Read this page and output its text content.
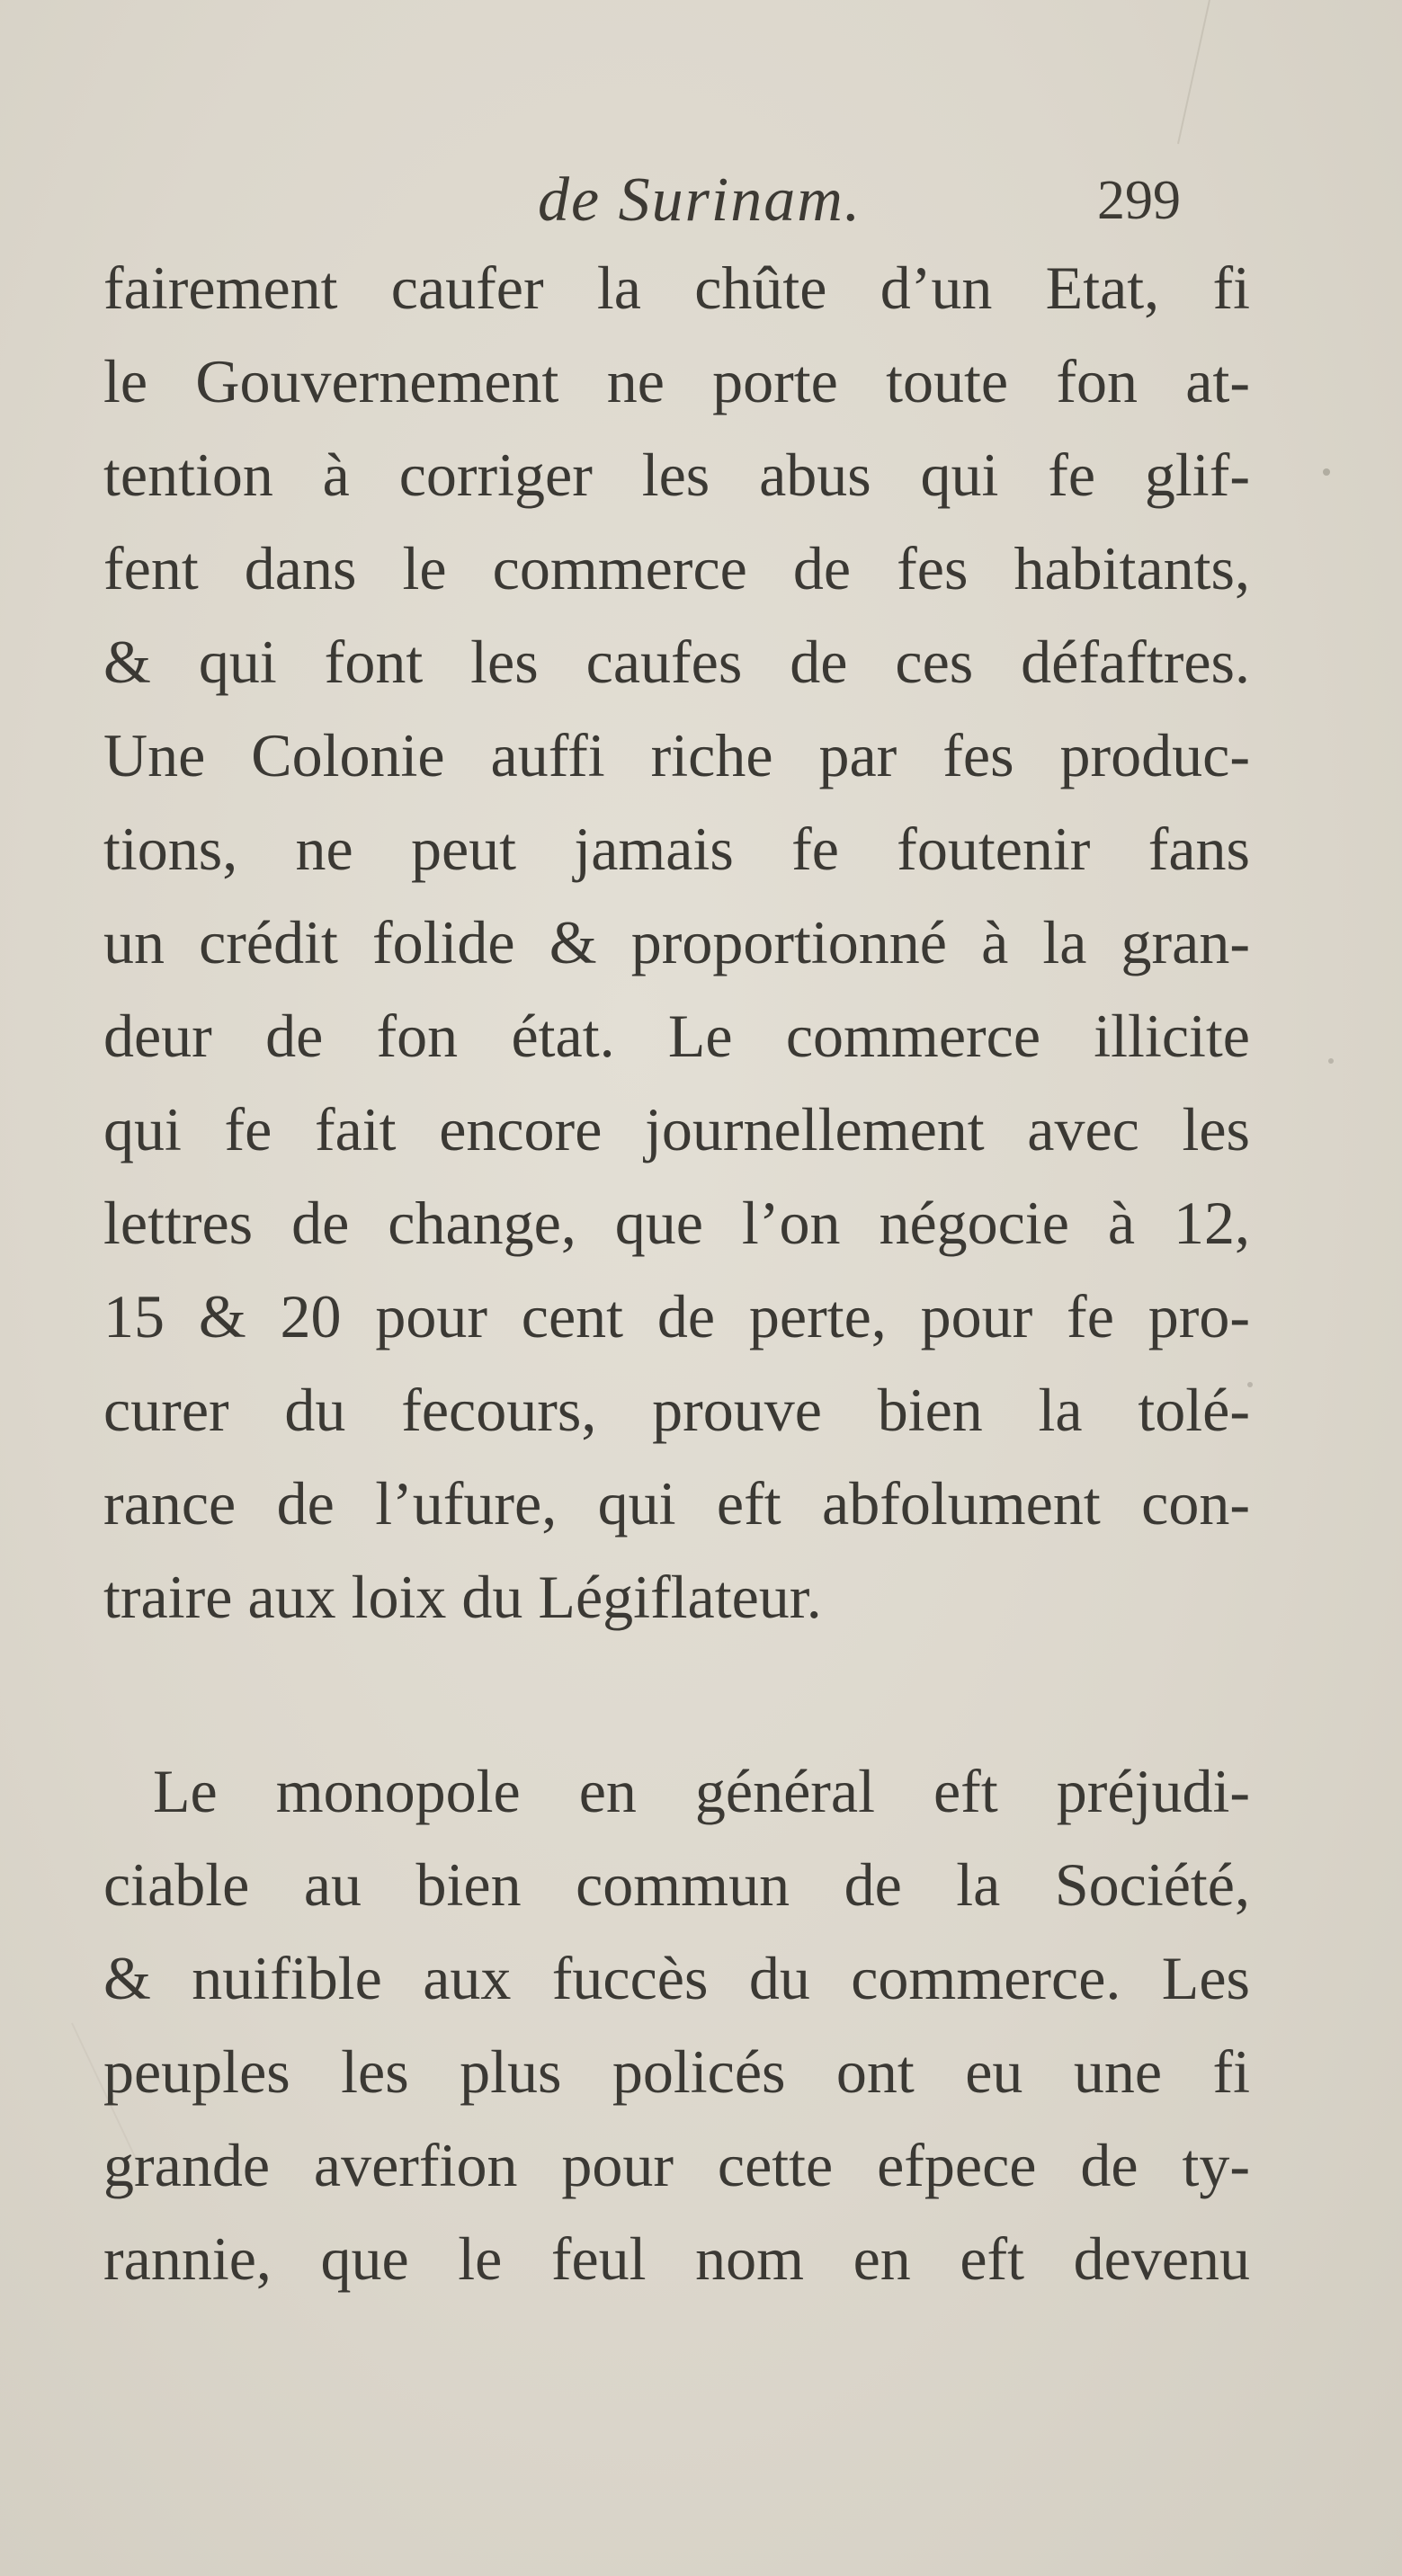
de Surinam.	299
fairement caufer la chûte d’un Etat, fi
le Gouvernement ne porte toute fon at-
tention à corriger les abus qui fe glif-
fent dans le commerce de fes habitants,
& qui font les caufes de ces défaftres.
Une Colonie auffi riche par fes produc-
tions, ne peut jamais fe foutenir fans
un crédit folide & proportionné à la gran-
deur de fon état. Le commerce illicite
qui fe fait encore journellement avec les
lettres de change, que l’on négocie à 12,
15 & 20 pour cent de perte, pour fe pro-
curer du fecours, prouve bien la tolé-
rance de l’ufure, qui eft abfolument con-
traire aux loix du Légiflateur.
Le monopole en général eft préjudi-
ciable au bien commun de la Société,
& nuifible aux fuccès du commerce. Les
peuples les plus policés ont eu une fi
grande averfion pour cette efpece de ty-
rannie, que le feul nom en eft devenu
